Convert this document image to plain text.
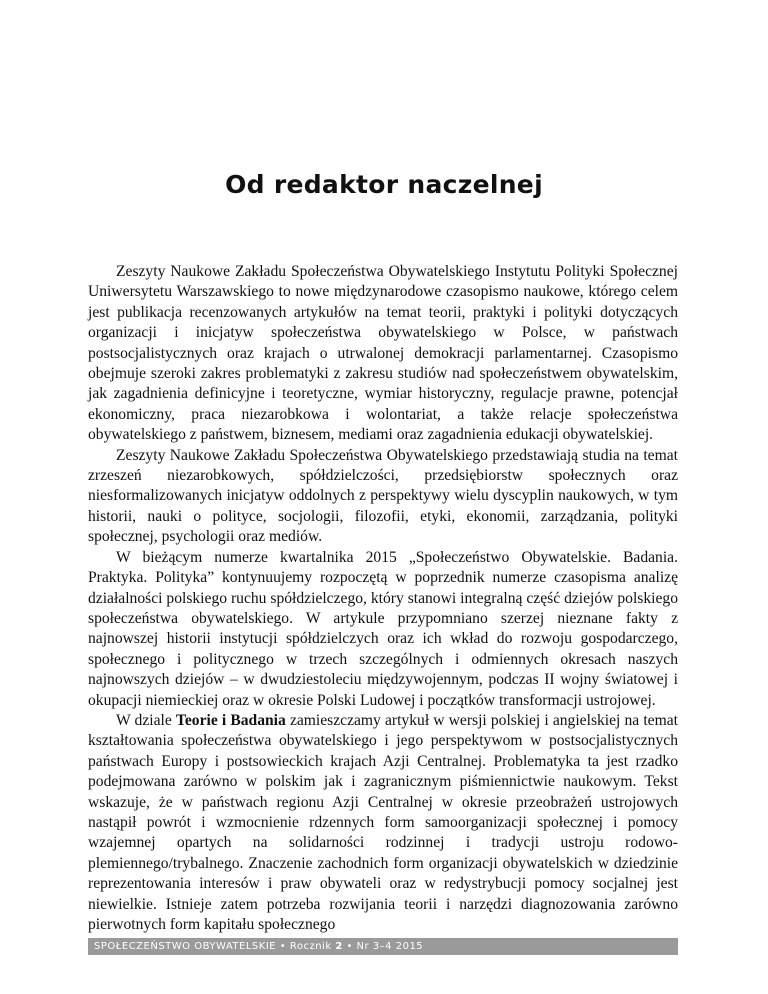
Od redaktor naczelnej

Zeszyty Naukowe Zakładu Społeczeństwa Obywatelskiego Instytutu Polityki Społecznej Uniwersytetu Warszawskiego to nowe międzynarodowe czasopismo naukowe, którego celem jest publikacja recenzowanych artykułów na temat teorii, praktyki i polityki dotyczących organizacji i inicjatyw społeczeństwa obywatelskiego w Polsce, w państwach postsocjalistycznych oraz krajach o utrwalonej demokracji parlamentarnej. Czasopismo obejmuje szeroki zakres problematyki z zakresu studiów nad społeczeństwem obywatelskim, jak zagadnienia definicyjne i teoretyczne, wymiar historyczny, regulacje prawne, potencjał ekonomiczny, praca niezarobkowa i wolontariat, a także relacje społeczeństwa obywatelskiego z państwem, biznesem, mediami oraz zagadnienia edukacji obywatelskiej.

Zeszyty Naukowe Zakładu Społeczeństwa Obywatelskiego przedstawiają studia na temat zrzeszeń niezarobkowych, spółdzielczości, przedsiębiorstw społecznych oraz niesformalizowanych inicjatyw oddolnych z perspektywy wielu dyscyplin naukowych, w tym historii, nauki o polityce, socjologii, filozofii, etyki, ekonomii, zarządzania, polityki społecznej, psychologii oraz mediów.

W bieżącym numerze kwartalnika 2015 „Społeczeństwo Obywatelskie. Badania. Praktyka. Polityka” kontynuujemy rozpoczętą w poprzednik numerze czasopisma analizę działalności polskiego ruchu spółdzielczego, który stanowi integralną część dziejów polskiego społeczeństwa obywatelskiego. W artykule przypomniano szerzej nieznane fakty z najnowszej historii instytucji spółdzielczych oraz ich wkład do rozwoju gospodarczego, społecznego i politycznego w trzech szczególnych i odmiennych okresach naszych najnowszych dziejów – w dwudziestoleciu międzywojennym, podczas II wojny światowej i okupacji niemieckiej oraz w okresie Polski Ludowej i początków transformacji ustrojowej.

W dziale Teorie i Badania zamieszczamy artykuł w wersji polskiej i angielskiej na temat kształtowania społeczeństwa obywatelskiego i jego perspektywom w postsocjalistycznych państwach Europy i postsowieckich krajach Azji Centralnej. Problematyka ta jest rzadko podejmowana zarówno w polskim jak i zagranicznym piśmiennictwie naukowym. Tekst wskazuje, że w państwach regionu Azji Centralnej w okresie przeobrażeń ustrojowych nastąpił powrót i wzmocnienie rdzennych form samoorganizacji społecznej i pomocy wzajemnej opartych na solidarności rodzinnej i tradycji ustroju rodowo-plemiennego/trybalnego. Znaczenie zachodnich form organizacji obywatelskich w dziedzinie reprezentowania interesów i praw obywateli oraz w redystrybucji pomocy socjalnej jest niewielkie. Istnieje zatem potrzeba rozwijania teorii i narzędzi diagnozowania zarówno pierwotnych form kapitału społecznego

SPOŁECZEŃSTWO OBYWATELSKIE • Rocznik 2 • Nr 3–4 2015
